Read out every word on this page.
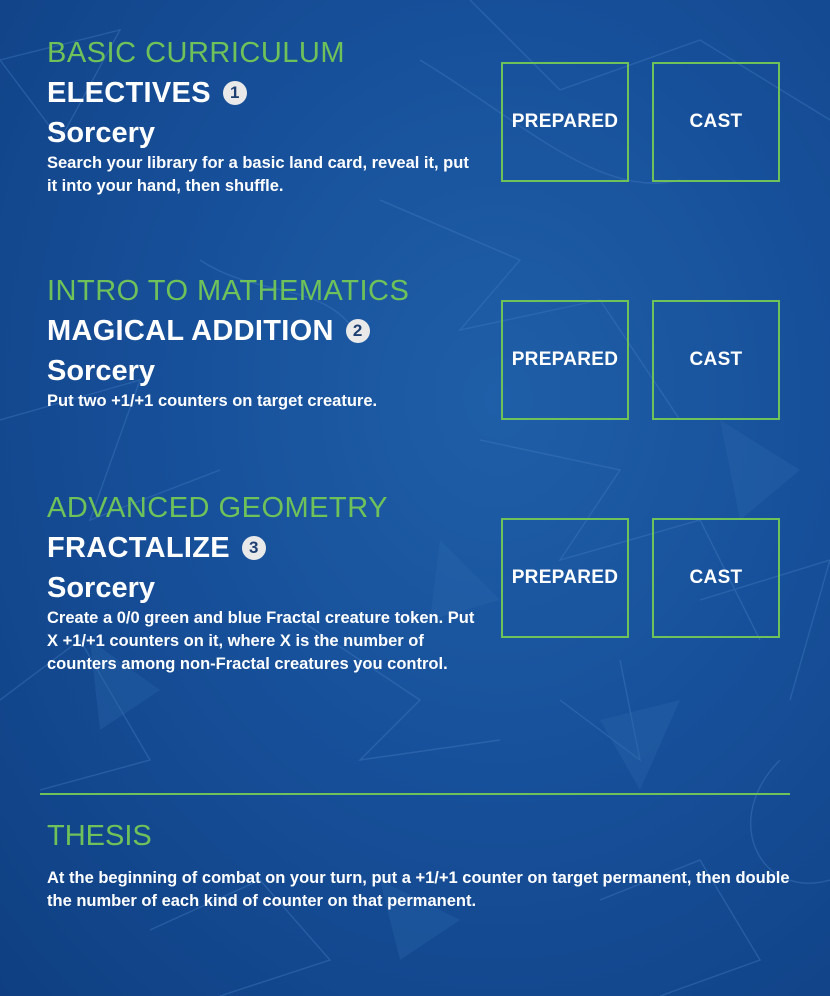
BASIC CURRICULUM
ELECTIVES	1
Sorcery
Search your library for a basic land card, reveal it, put it into your hand, then shuffle.
PREPARED	CAST
INTRO TO MATHEMATICS
MAGICAL ADDITION	2
Sorcery
Put two +1/+1 counters on target creature.
PREPARED	CAST
ADVANCED GEOMETRY
FRACTALIZE	3
Sorcery
Create a 0/0 green and blue Fractal creature token. Put X +1/+1 counters on it, where X is the number of counters among non-Fractal creatures you control.
PREPARED	CAST
THESIS
At the beginning of combat on your turn, put a +1/+1 counter on target permanent, then double the number of each kind of counter on that permanent.
